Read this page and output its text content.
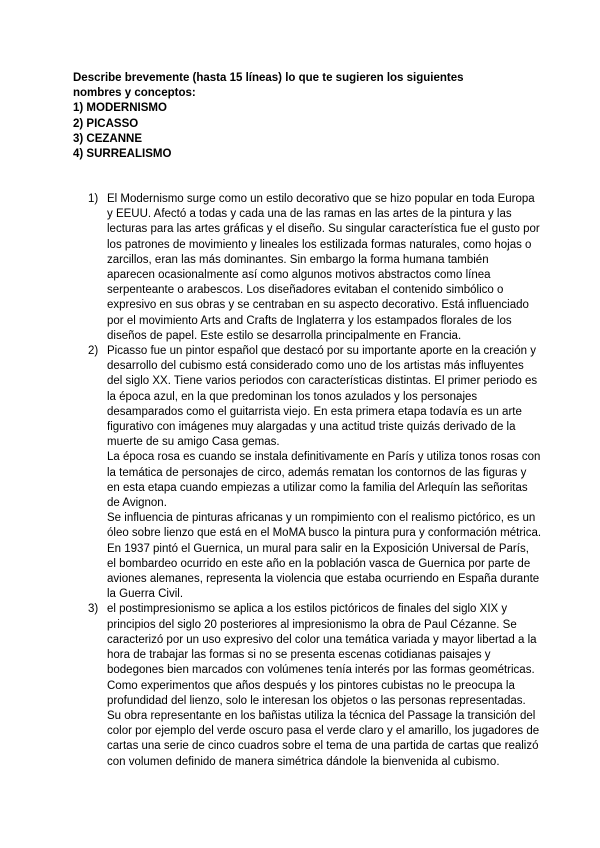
Describe brevemente (hasta 15 líneas) lo que te sugieren los siguientes
nombres y conceptos:
1) MODERNISMO
2) PICASSO
3) CEZANNE
4) SURREALISMO
1) El Modernismo surge como un estilo decorativo que se hizo popular en toda Europa
y EEUU. Afectó a todas y cada una de las ramas en las artes de la pintura y las
lecturas para las artes gráficas y el diseño. Su singular característica fue el gusto por
los patrones de movimiento y lineales los estilizada formas naturales, como hojas o
zarcillos, eran las más dominantes. Sin embargo la forma humana también
aparecen ocasionalmente así como algunos motivos abstractos como línea
serpenteante o arabescos. Los diseñadores evitaban el contenido simbólico o
expresivo en sus obras y se centraban en su aspecto decorativo. Está influenciado
por el movimiento Arts and Crafts de Inglaterra y los estampados florales de los
diseños de papel. Este estilo se desarrolla principalmente en Francia.
2) Picasso fue un pintor español que destacó por su importante aporte en la creación y
desarrollo del cubismo está considerado como uno de los artistas más influyentes
del siglo XX. Tiene varios periodos con características distintas. El primer periodo es
la época azul, en la que predominan los tonos azulados y los personajes
desamparados como el guitarrista viejo. En esta primera etapa todavía es un arte
figurativo con imágenes muy alargadas y una actitud triste quizás derivado de la
muerte de su amigo Casa gemas.
La época rosa es cuando se instala definitivamente en París y utiliza tonos rosas con
la temática de personajes de circo, además rematan los contornos de las figuras y
en esta etapa cuando empiezas a utilizar como la familia del Arlequín las señoritas
de Avignon.
Se influencia de pinturas africanas y un rompimiento con el realismo pictórico, es un
óleo sobre lienzo que está en el MoMA busco la pintura pura y conformación métrica.
En 1937 pintó el Guernica, un mural para salir en la Exposición Universal de París,
el bombardeo ocurrido en este año en la población vasca de Guernica por parte de
aviones alemanes, representa la violencia que estaba ocurriendo en España durante
la Guerra Civil.
3) el postimpresionismo se aplica a los estilos pictóricos de finales del siglo XIX y
principios del siglo 20 posteriores al impresionismo la obra de Paul Cézanne. Se
caracterizó por un uso expresivo del color una temática variada y mayor libertad a la
hora de trabajar las formas si no se presenta escenas cotidianas paisajes y
bodegones bien marcados con volúmenes tenía interés por las formas geométricas.
Como experimentos que años después y los pintores cubistas no le preocupa la
profundidad del lienzo, solo le interesan los objetos o las personas representadas.
Su obra representante en los bañistas utiliza la técnica del Passage la transición del
color por ejemplo del verde oscuro pasa el verde claro y el amarillo, los jugadores de
cartas una serie de cinco cuadros sobre el tema de una partida de cartas que realizó
con volumen definido de manera simétrica dándole la bienvenida al cubismo.
